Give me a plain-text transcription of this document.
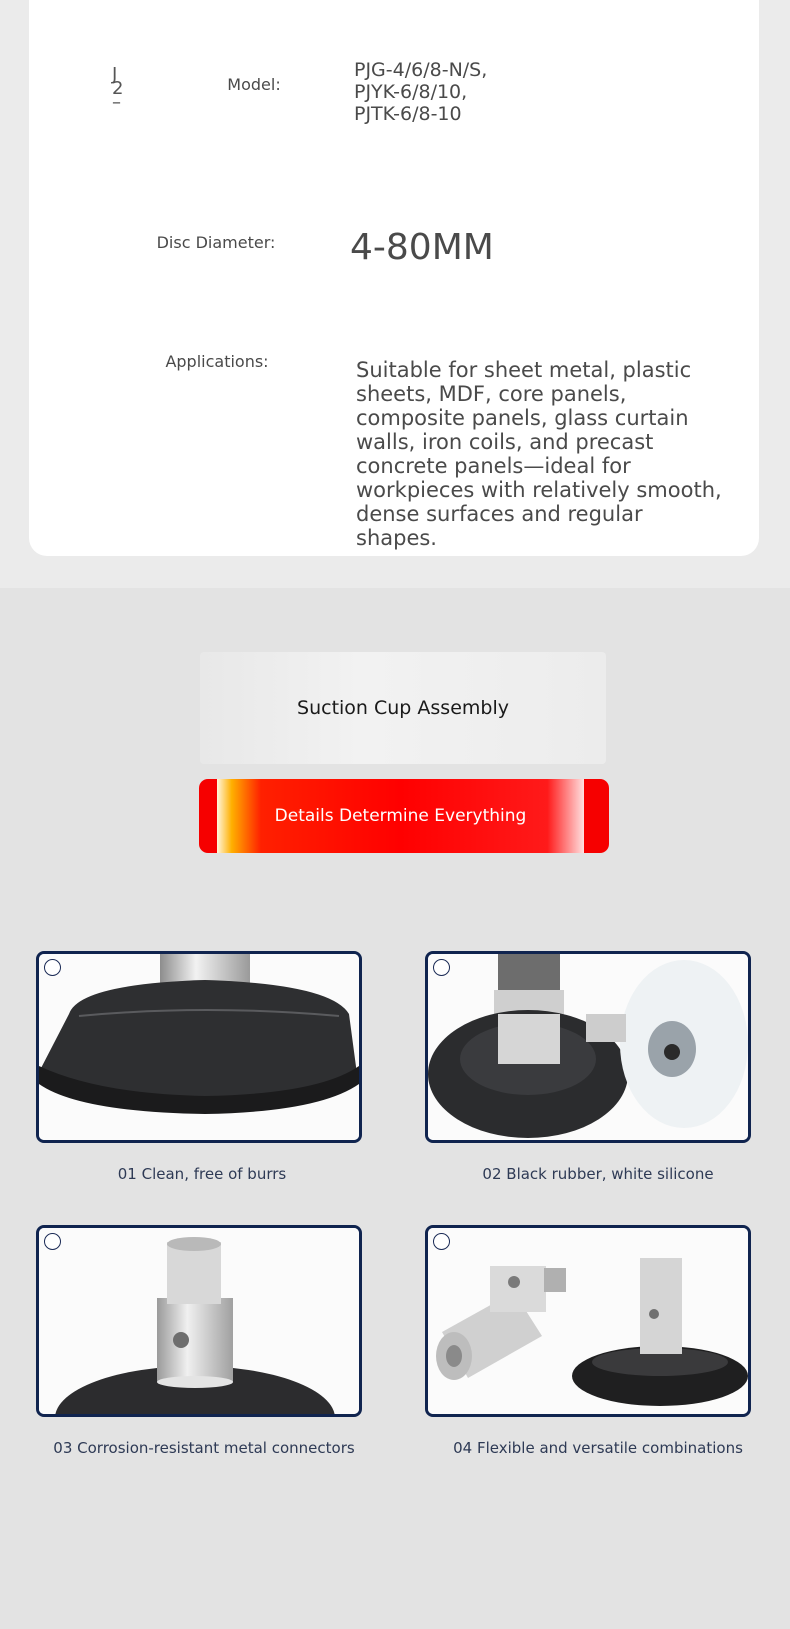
J
2
–
Model:
PJG-4/6/8-N/S,
PJYK-6/8/10,
PJTK-6/8-10
Disc Diameter:	4-80MM
Applications:	Suitable for sheet metal, plastic sheets, MDF, core panels, composite panels, glass curtain walls, iron coils, and precast concrete panels—ideal for workpieces with relatively smooth, dense surfaces and regular shapes.
Suction Cup Assembly
Details Determine Everything
01 Clean, free of burrs	02 Black rubber, white silicone
03 Corrosion-resistant metal connectors	04 Flexible and versatile combinations
